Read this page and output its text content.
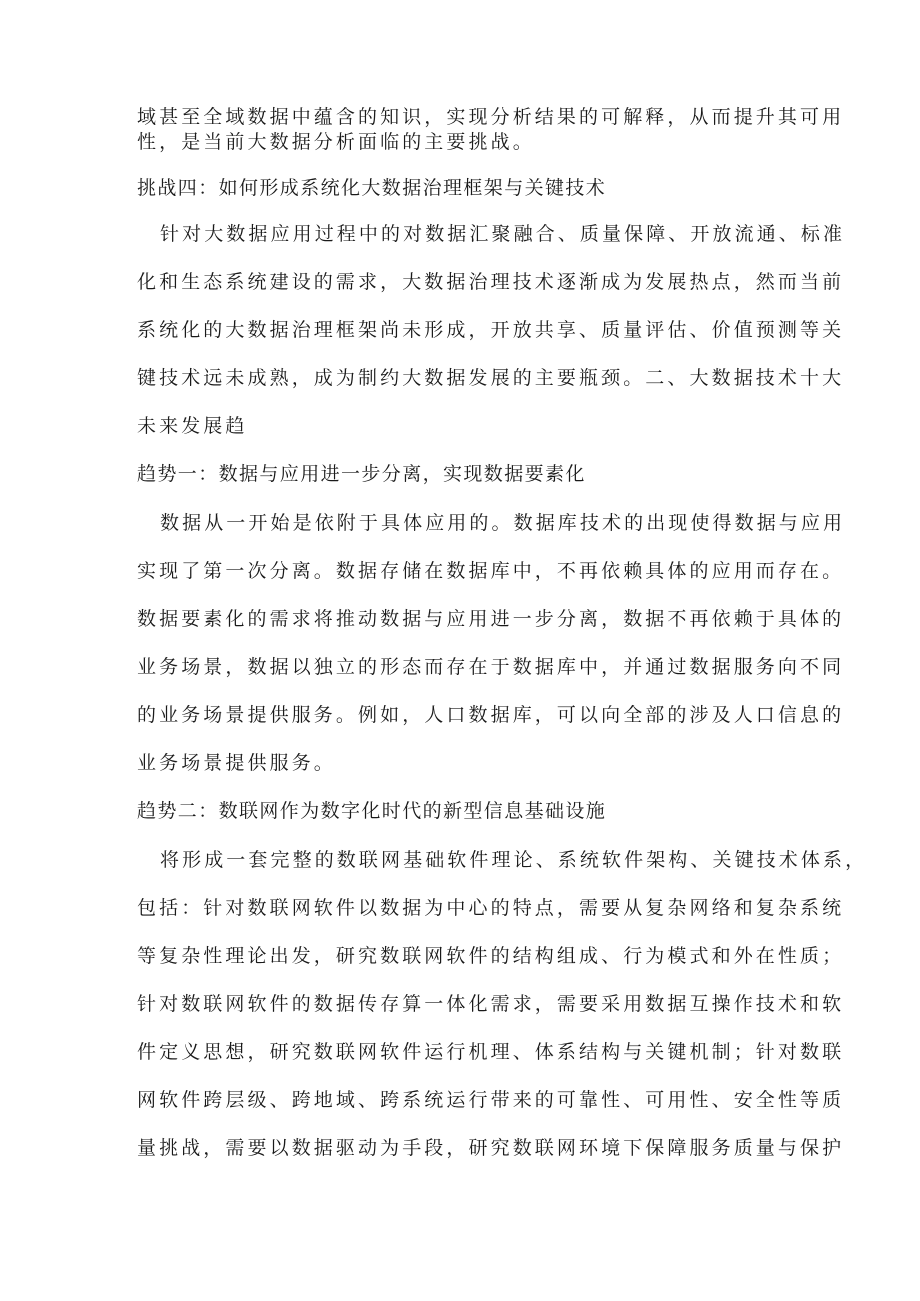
域甚至全域数据中蕴含的知识，实现分析结果的可解释，从而提升其可用
性，是当前大数据分析面临的主要挑战。
挑战四：如何形成系统化大数据治理框架与关键技术
针对大数据应用过程中的对数据汇聚融合、质量保障、开放流通、标准
化和生态系统建设的需求，大数据治理技术逐渐成为发展热点，然而当前
系统化的大数据治理框架尚未形成，开放共享、质量评估、价值预测等关
键技术远未成熟，成为制约大数据发展的主要瓶颈。二、大数据技术十大
未来发展趋
趋势一：数据与应用进一步分离，实现数据要素化
数据从一开始是依附于具体应用的。数据库技术的出现使得数据与应用
实现了第一次分离。数据存储在数据库中，不再依赖具体的应用而存在。
数据要素化的需求将推动数据与应用进一步分离，数据不再依赖于具体的
业务场景，数据以独立的形态而存在于数据库中，并通过数据服务向不同
的业务场景提供服务。例如，人口数据库，可以向全部的涉及人口信息的
业务场景提供服务。
趋势二：数联网作为数字化时代的新型信息基础设施
将形成一套完整的数联网基础软件理论、系统软件架构、关键技术体系，
包括：针对数联网软件以数据为中心的特点，需要从复杂网络和复杂系统
等复杂性理论出发，研究数联网软件的结构组成、行为模式和外在性质；
针对数联网软件的数据传存算一体化需求，需要采用数据互操作技术和软
件定义思想，研究数联网软件运行机理、体系结构与关键机制；针对数联
网软件跨层级、跨地域、跨系统运行带来的可靠性、可用性、安全性等质
量挑战，需要以数据驱动为手段，研究数联网环境下保障服务质量与保护
